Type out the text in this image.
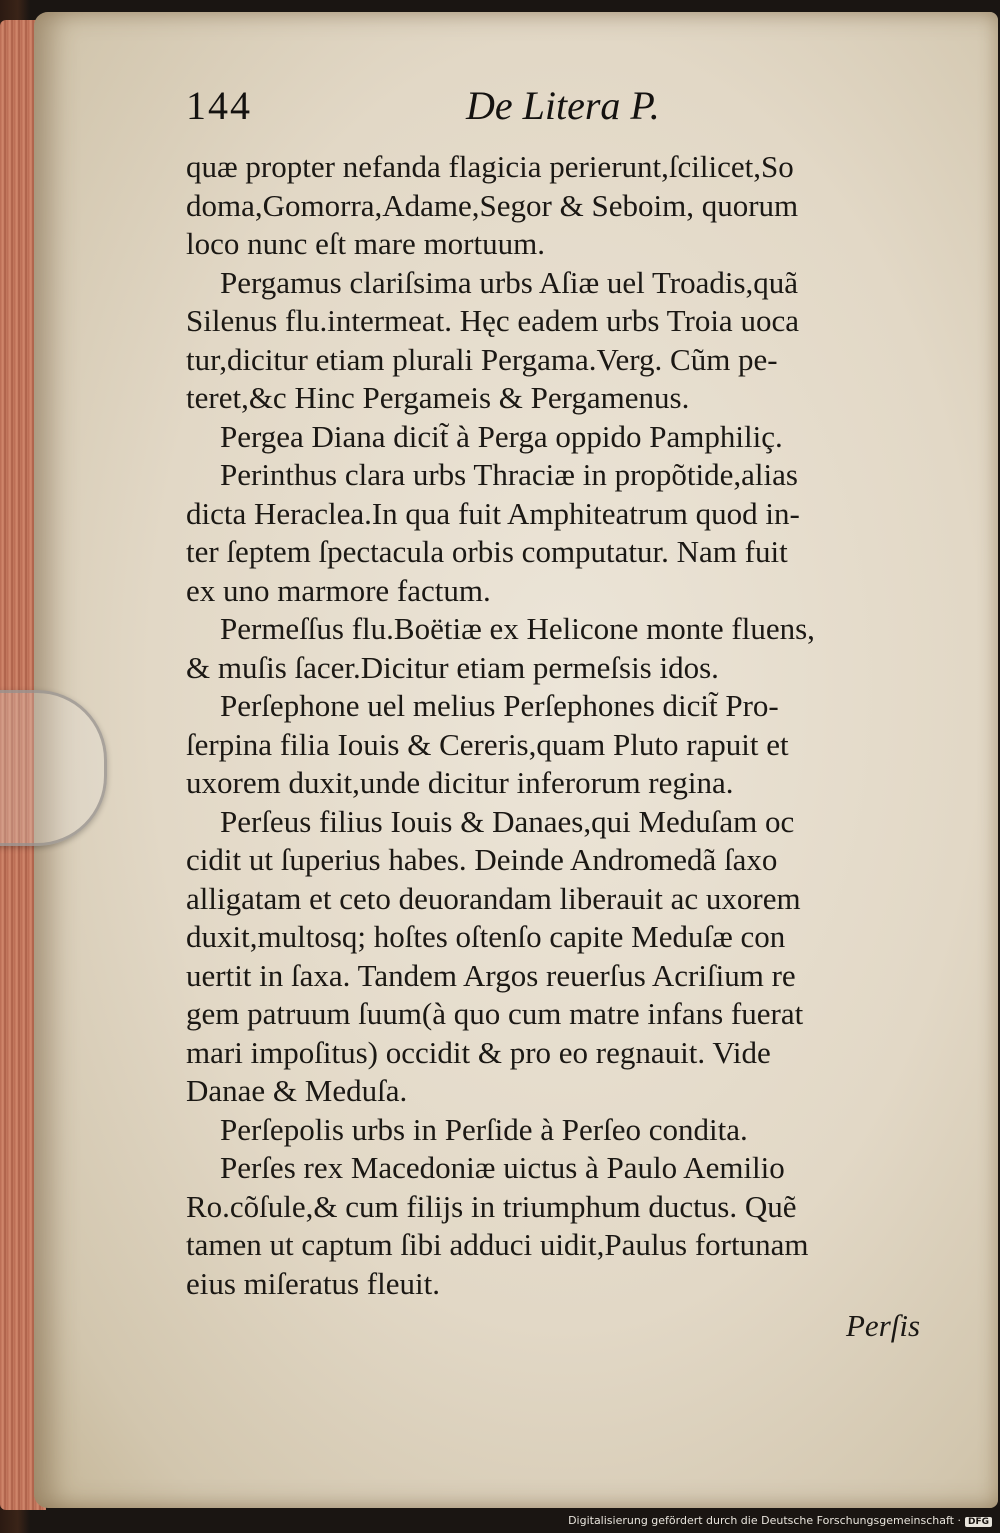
144	De Litera P.
quæ propter nefanda flagicia perierunt,ſcilicet,So
doma,Gomorra,Adame,Segor & Seboim, quorum
loco nunc eſt mare mortuum.
Pergamus clariſsima urbs Aſiæ uel Troadis,quã
Silenus flu.intermeat. Hęc eadem urbs Troia uoca
tur,dicitur etiam plurali Pergama.Verg. Cũm pe-
teret,&c Hinc Pergameis & Pergamenus.
Pergea Diana dicit̃ à Perga oppido Pamphiliç.
Perinthus clara urbs Thraciæ in propõtide,alias
dicta Heraclea.In qua fuit Amphiteatrum quod in-
ter ſeptem ſpectacula orbis computatur. Nam fuit
ex uno marmore factum.
Permeſſus flu.Boëtiæ ex Helicone monte fluens,
& muſis ſacer.Dicitur etiam permeſsis idos.
Perſephone uel melius Perſephones dicit̃ Pro-
ſerpina filia Iouis & Cereris,quam Pluto rapuit et
uxorem duxit,unde dicitur inferorum regina.
Perſeus filius Iouis & Danaes,qui Meduſam oc
cidit ut ſuperius habes. Deinde Andromedã ſaxo
alligatam et ceto deuorandam liberauit ac uxorem
duxit,multosq; hoſtes oſtenſo capite Meduſæ con
uertit in ſaxa. Tandem Argos reuerſus Acriſium re
gem patruum ſuum(à quo cum matre infans fuerat
mari impoſitus) occidit & pro eo regnauit. Vide
Danae & Meduſa.
Perſepolis urbs in Perſide à Perſeo condita.
Perſes rex Macedoniæ uictus à Paulo Aemilio
Ro.cõſule,& cum filijs in triumphum ductus. Quẽ
tamen ut captum ſibi adduci uidit,Paulus fortunam
eius miſeratus fleuit.
Perſis
Digitalisierung gefördert durch die Deutsche Forschungsgemeinschaft · DFG
